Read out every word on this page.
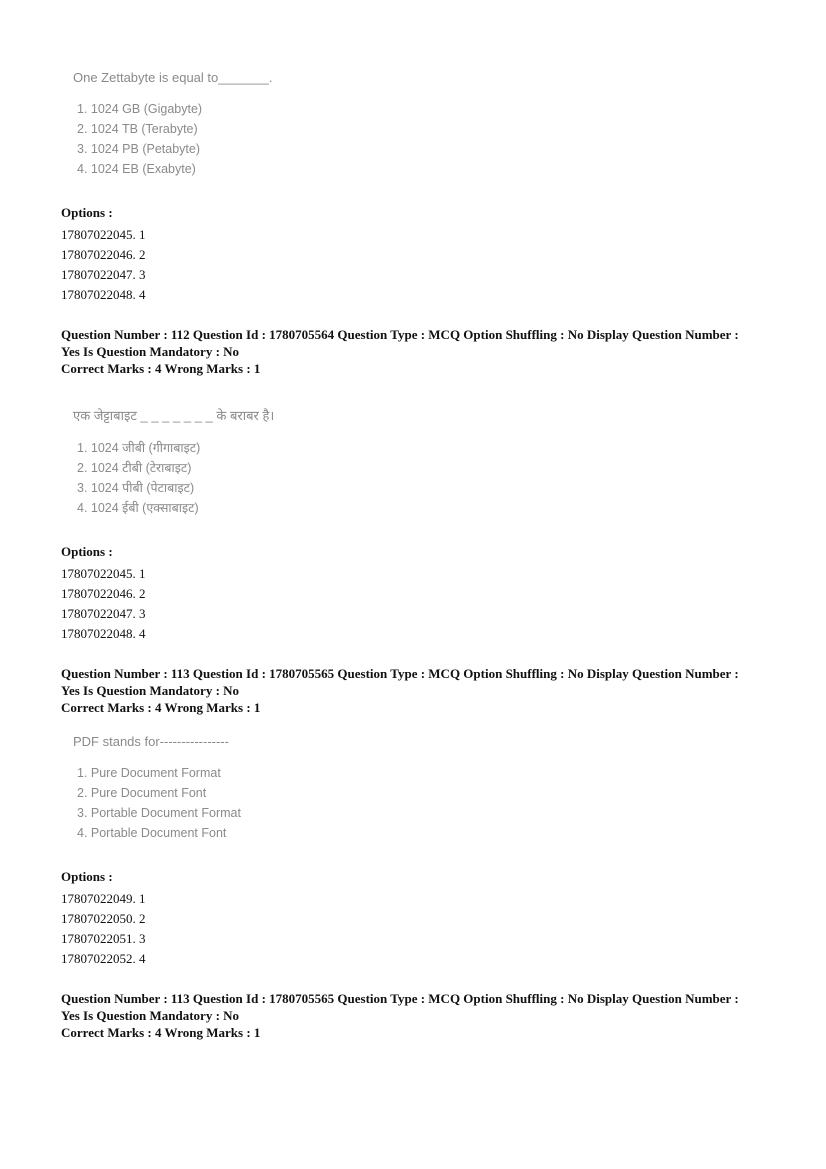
One Zettabyte is equal to_______.
1. 1024 GB (Gigabyte)
2. 1024 TB (Terabyte)
3. 1024 PB (Petabyte)
4. 1024 EB (Exabyte)
Options :
17807022045. 1
17807022046. 2
17807022047. 3
17807022048. 4
Question Number : 112 Question Id : 1780705564 Question Type : MCQ Option Shuffling : No Display Question Number :
Yes Is Question Mandatory : No
Correct Marks : 4 Wrong Marks : 1
एक जेट्टाबाइट _ _ _ _ _ _ _ के बराबर है।
1. 1024 जीबी (गीगाबाइट)
2. 1024 टीबी (टेराबाइट)
3. 1024 पीबी (पेटाबाइट)
4. 1024 ईबी (एक्साबाइट)
Options :
17807022045. 1
17807022046. 2
17807022047. 3
17807022048. 4
Question Number : 113 Question Id : 1780705565 Question Type : MCQ Option Shuffling : No Display Question Number :
Yes Is Question Mandatory : No
Correct Marks : 4 Wrong Marks : 1
PDF stands for----------------
1. Pure Document Format
2. Pure Document Font
3. Portable Document Format
4. Portable Document Font
Options :
17807022049. 1
17807022050. 2
17807022051. 3
17807022052. 4
Question Number : 113 Question Id : 1780705565 Question Type : MCQ Option Shuffling : No Display Question Number :
Yes Is Question Mandatory : No
Correct Marks : 4 Wrong Marks : 1
